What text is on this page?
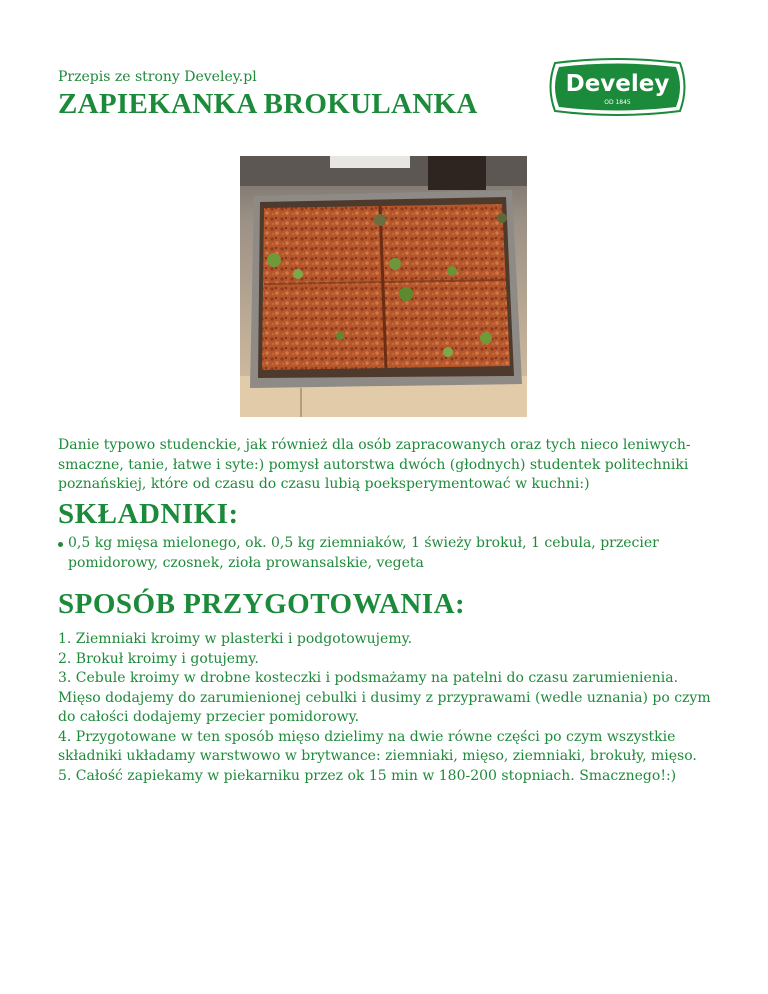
Przepis ze strony Develey.pl
ZAPIEKANKA BROKULANKA
Develey
OD 1845
Danie typowo studenckie, jak również dla osób zapracowanych oraz tych nieco leniwych-
smaczne, tanie, łatwe i syte:) pomysł autorstwa dwóch (głodnych) studentek politechniki
poznańskiej, które od czasu do czasu lubią poeksperymentować w kuchni:)
SKŁADNIKI:
0,5 kg mięsa mielonego, ok. 0,5 kg ziemniaków, 1 świeży brokuł, 1 cebula, przecier
pomidorowy, czosnek, zioła prowansalskie, vegeta
SPOSÓB PRZYGOTOWANIA:
1. Ziemniaki kroimy w plasterki i podgotowujemy.
2. Brokuł kroimy i gotujemy.
3. Cebule kroimy w drobne kosteczki i podsmażamy na patelni do czasu zarumienienia.
Mięso dodajemy do zarumienionej cebulki i dusimy z przyprawami (wedle uznania) po czym
do całości dodajemy przecier pomidorowy.
4. Przygotowane w ten sposób mięso dzielimy na dwie równe części po czym wszystkie
składniki układamy warstwowo w brytwance: ziemniaki, mięso, ziemniaki, brokuły, mięso.
5. Całość zapiekamy w piekarniku przez ok 15 min w 180-200 stopniach. Smacznego!:)
